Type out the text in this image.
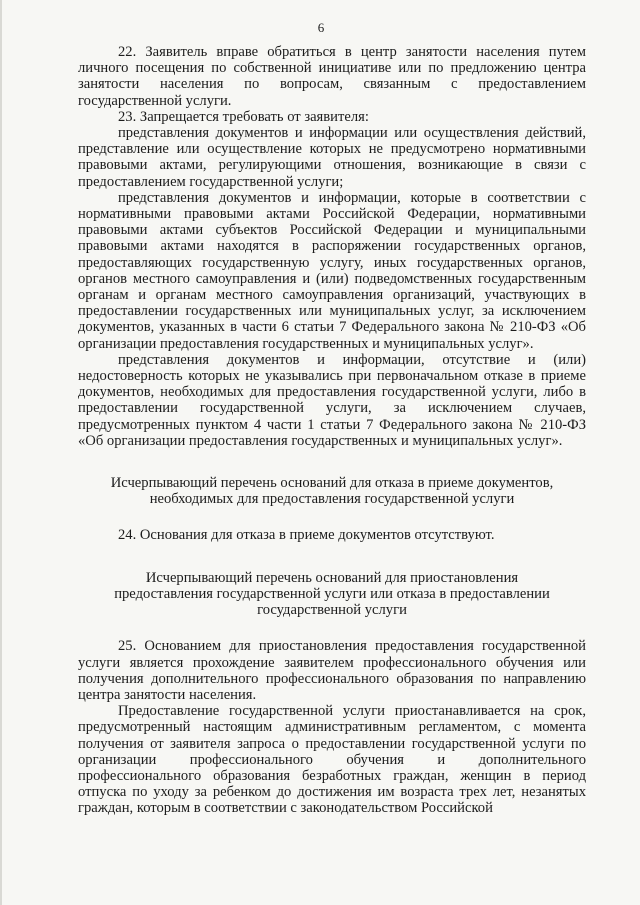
6

22. Заявитель вправе обратиться в центр занятости населения путем личного посещения по собственной инициативе или по предложению центра занятости населения по вопросам, связанным с предоставлением государственной услуги.

23. Запрещается требовать от заявителя:

представления документов и информации или осуществления действий, представление или осуществление которых не предусмотрено нормативными правовыми актами, регулирующими отношения, возникающие в связи с предоставлением государственной услуги;

представления документов и информации, которые в соответствии с нормативными правовыми актами Российской Федерации, нормативными правовыми актами субъектов Российской Федерации и муниципальными правовыми актами находятся в распоряжении государственных органов, предоставляющих государственную услугу, иных государственных органов, органов местного самоуправления и (или) подведомственных государственным органам и органам местного самоуправления организаций, участвующих в предоставлении государственных или муниципальных услуг, за исключением документов, указанных в части 6 статьи 7 Федерального закона № 210-ФЗ «Об организации предоставления государственных и муниципальных услуг».

представления документов и информации, отсутствие и (или) недостоверность которых не указывались при первоначальном отказе в приеме документов, необходимых для предоставления государственной услуги, либо в предоставлении государственной услуги, за исключением случаев, предусмотренных пунктом 4 части 1 статьи 7 Федерального закона № 210-ФЗ «Об организации предоставления государственных и муниципальных услуг».

Исчерпывающий перечень оснований для отказа в приеме документов,
необходимых для предоставления государственной услуги

24. Основания для отказа в приеме документов отсутствуют.

Исчерпывающий перечень оснований для приостановления
предоставления государственной услуги или отказа в предоставлении
государственной услуги

25. Основанием для приостановления предоставления государственной услуги является прохождение заявителем профессионального обучения или получения дополнительного профессионального образования по направлению центра занятости населения.

Предоставление государственной услуги приостанавливается на срок, предусмотренный настоящим административным регламентом, с момента получения от заявителя запроса о предоставлении государственной услуги по организации профессионального обучения и дополнительного профессионального образования безработных граждан, женщин в период отпуска по уходу за ребенком до достижения им возраста трех лет, незанятых граждан, которым в соответствии с законодательством Российской
